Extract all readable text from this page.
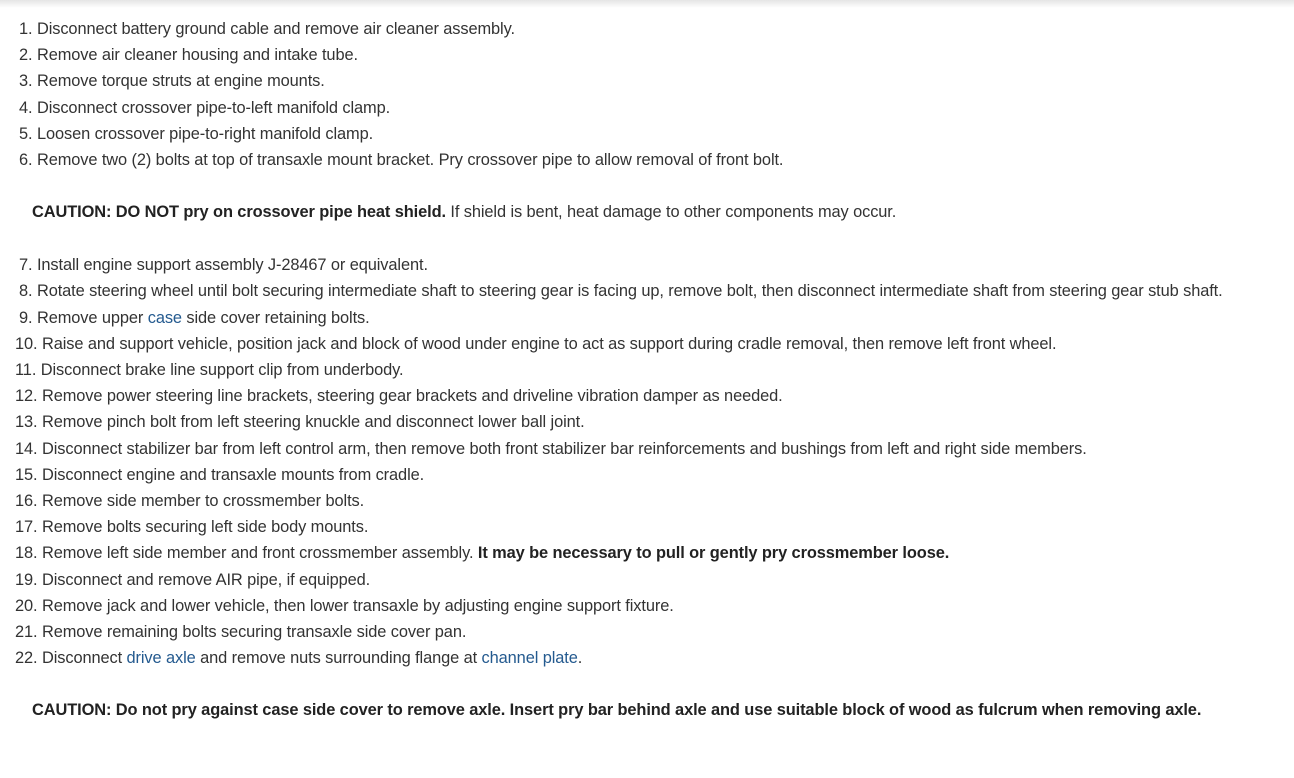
1. Disconnect battery ground cable and remove air cleaner assembly.

2. Remove air cleaner housing and intake tube.

3. Remove torque struts at engine mounts.

4. Disconnect crossover pipe-to-left manifold clamp.

5. Loosen crossover pipe-to-right manifold clamp.

6. Remove two (2) bolts at top of transaxle mount bracket. Pry crossover pipe to allow removal of front bolt.

CAUTION: DO NOT pry on crossover pipe heat shield. If shield is bent, heat damage to other components may occur.

7. Install engine support assembly J-28467 or equivalent.

8. Rotate steering wheel until bolt securing intermediate shaft to steering gear is facing up, remove bolt, then disconnect intermediate shaft from steering gear stub shaft.

9. Remove upper case side cover retaining bolts.

10. Raise and support vehicle, position jack and block of wood under engine to act as support during cradle removal, then remove left front wheel.

11. Disconnect brake line support clip from underbody.

12. Remove power steering line brackets, steering gear brackets and driveline vibration damper as needed.

13. Remove pinch bolt from left steering knuckle and disconnect lower ball joint.

14. Disconnect stabilizer bar from left control arm, then remove both front stabilizer bar reinforcements and bushings from left and right side members.

15. Disconnect engine and transaxle mounts from cradle.

16. Remove side member to crossmember bolts.

17. Remove bolts securing left side body mounts.

18. Remove left side member and front crossmember assembly. It may be necessary to pull or gently pry crossmember loose.

19. Disconnect and remove AIR pipe, if equipped.

20. Remove jack and lower vehicle, then lower transaxle by adjusting engine support fixture.

21. Remove remaining bolts securing transaxle side cover pan.

22. Disconnect drive axle and remove nuts surrounding flange at channel plate.

CAUTION: Do not pry against case side cover to remove axle. Insert pry bar behind axle and use suitable block of wood as fulcrum when removing axle.
